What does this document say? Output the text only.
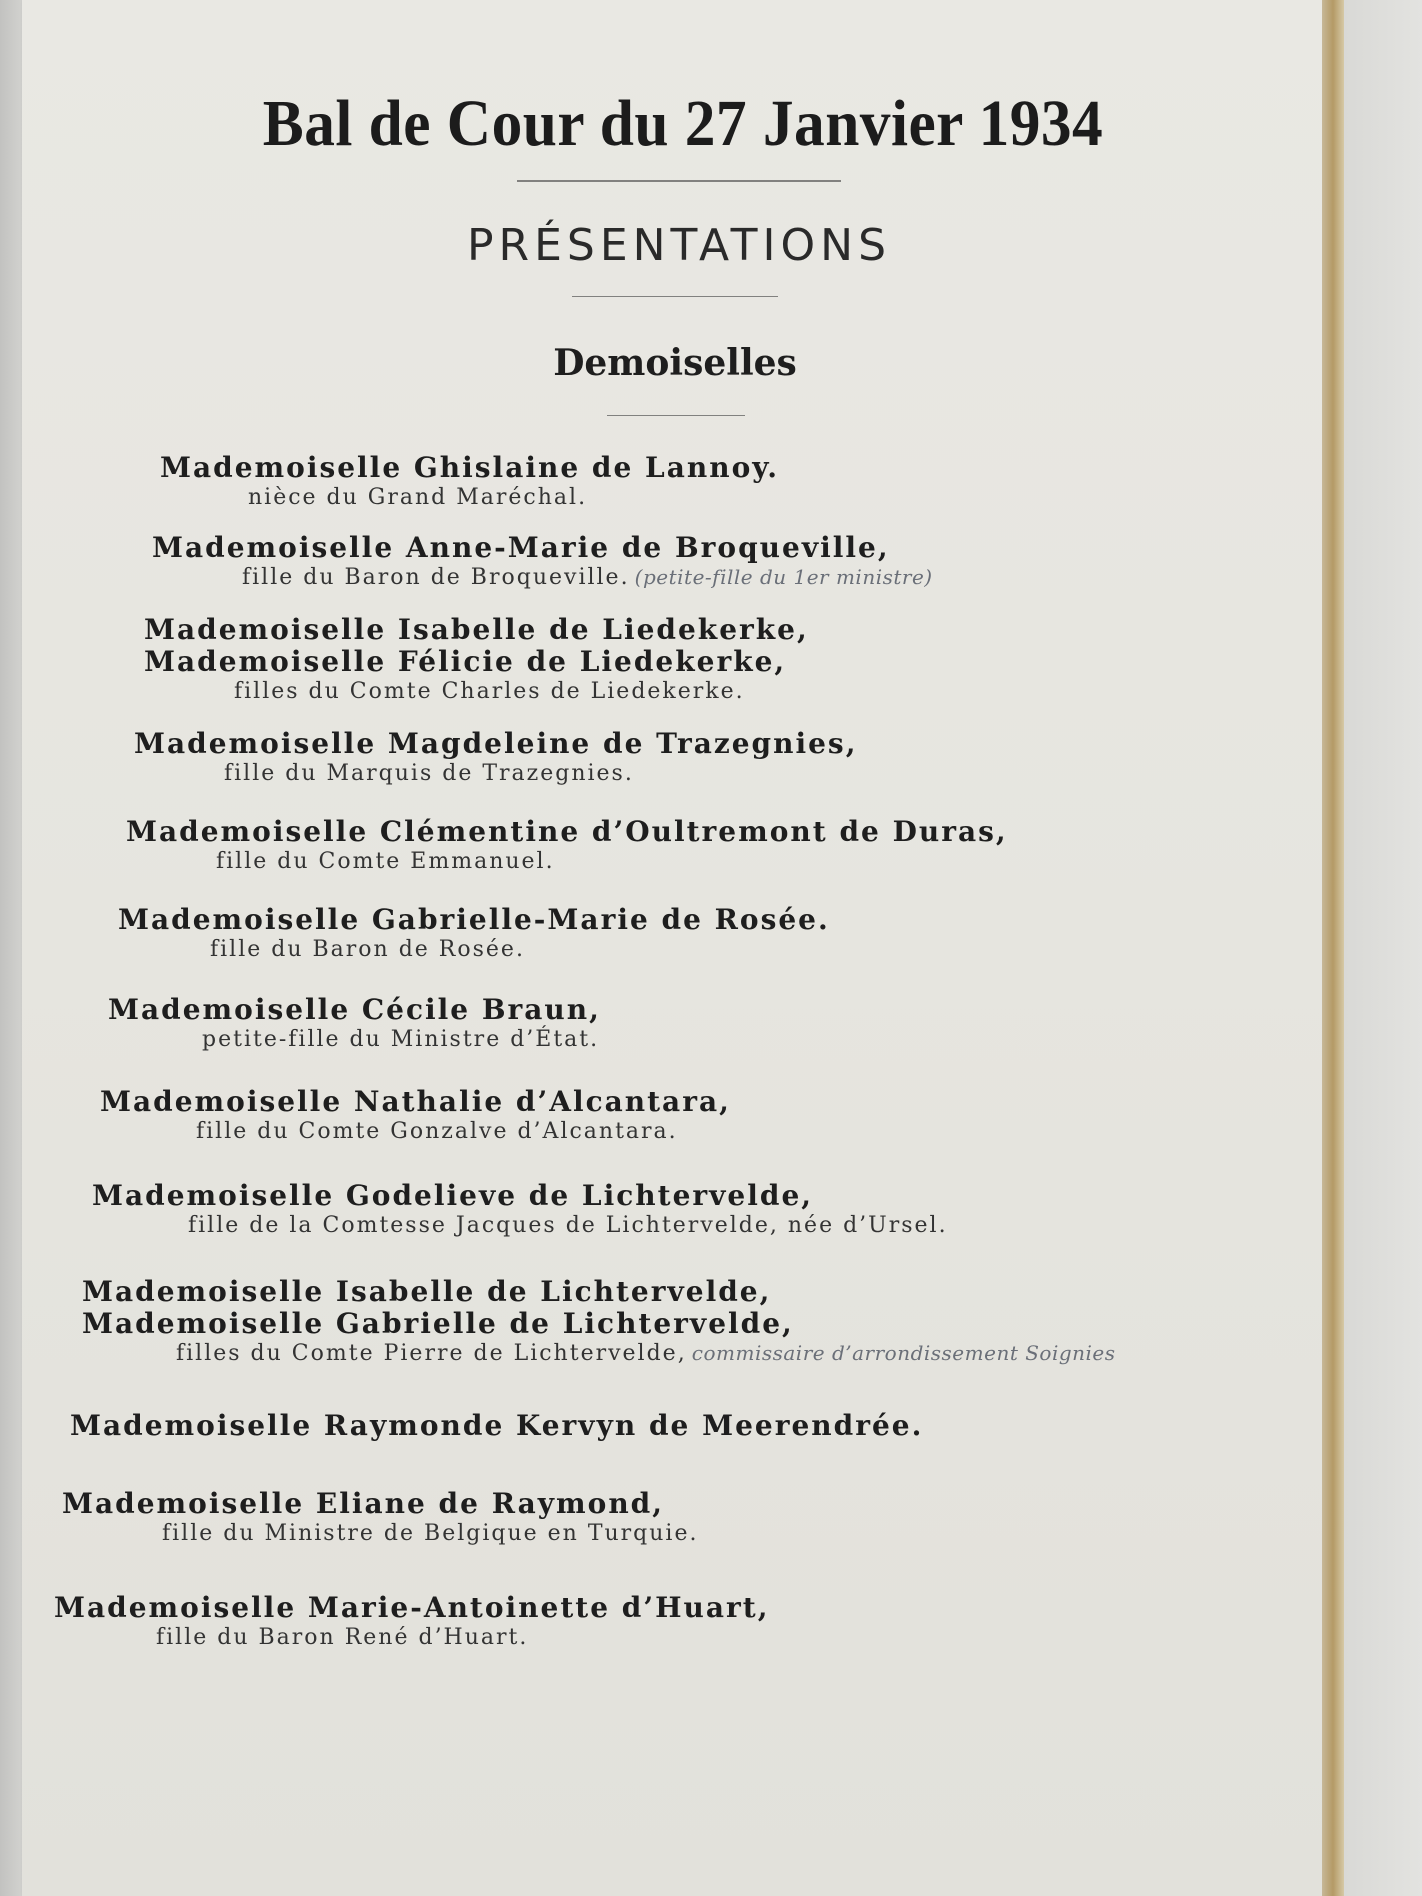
Bal de Cour du 27 Janvier 1934
PRÉSENTATIONS
Demoiselles
Mademoiselle Ghislaine de Lannoy.
nièce du Grand Maréchal.
Mademoiselle Anne-Marie de Broqueville,
fille du Baron de Broqueville. (petite-fille du 1er ministre)
Mademoiselle Isabelle de Liedekerke,
Mademoiselle Félicie de Liedekerke,
filles du Comte Charles de Liedekerke.
Mademoiselle Magdeleine de Trazegnies,
fille du Marquis de Trazegnies.
Mademoiselle Clémentine d’Oultremont de Duras,
fille du Comte Emmanuel.
Mademoiselle Gabrielle-Marie de Rosée.
fille du Baron de Rosée.
Mademoiselle Cécile Braun,
petite-fille du Ministre d’État.
Mademoiselle Nathalie d’Alcantara,
fille du Comte Gonzalve d’Alcantara.
Mademoiselle Godelieve de Lichtervelde,
fille de la Comtesse Jacques de Lichtervelde, née d’Ursel.
Mademoiselle Isabelle de Lichtervelde,
Mademoiselle Gabrielle de Lichtervelde,
filles du Comte Pierre de Lichtervelde, commissaire d’arrondissement Soignies
Mademoiselle Raymonde Kervyn de Meerendrée.
Mademoiselle Eliane de Raymond,
fille du Ministre de Belgique en Turquie.
Mademoiselle Marie-Antoinette d’Huart,
fille du Baron René d’Huart.
